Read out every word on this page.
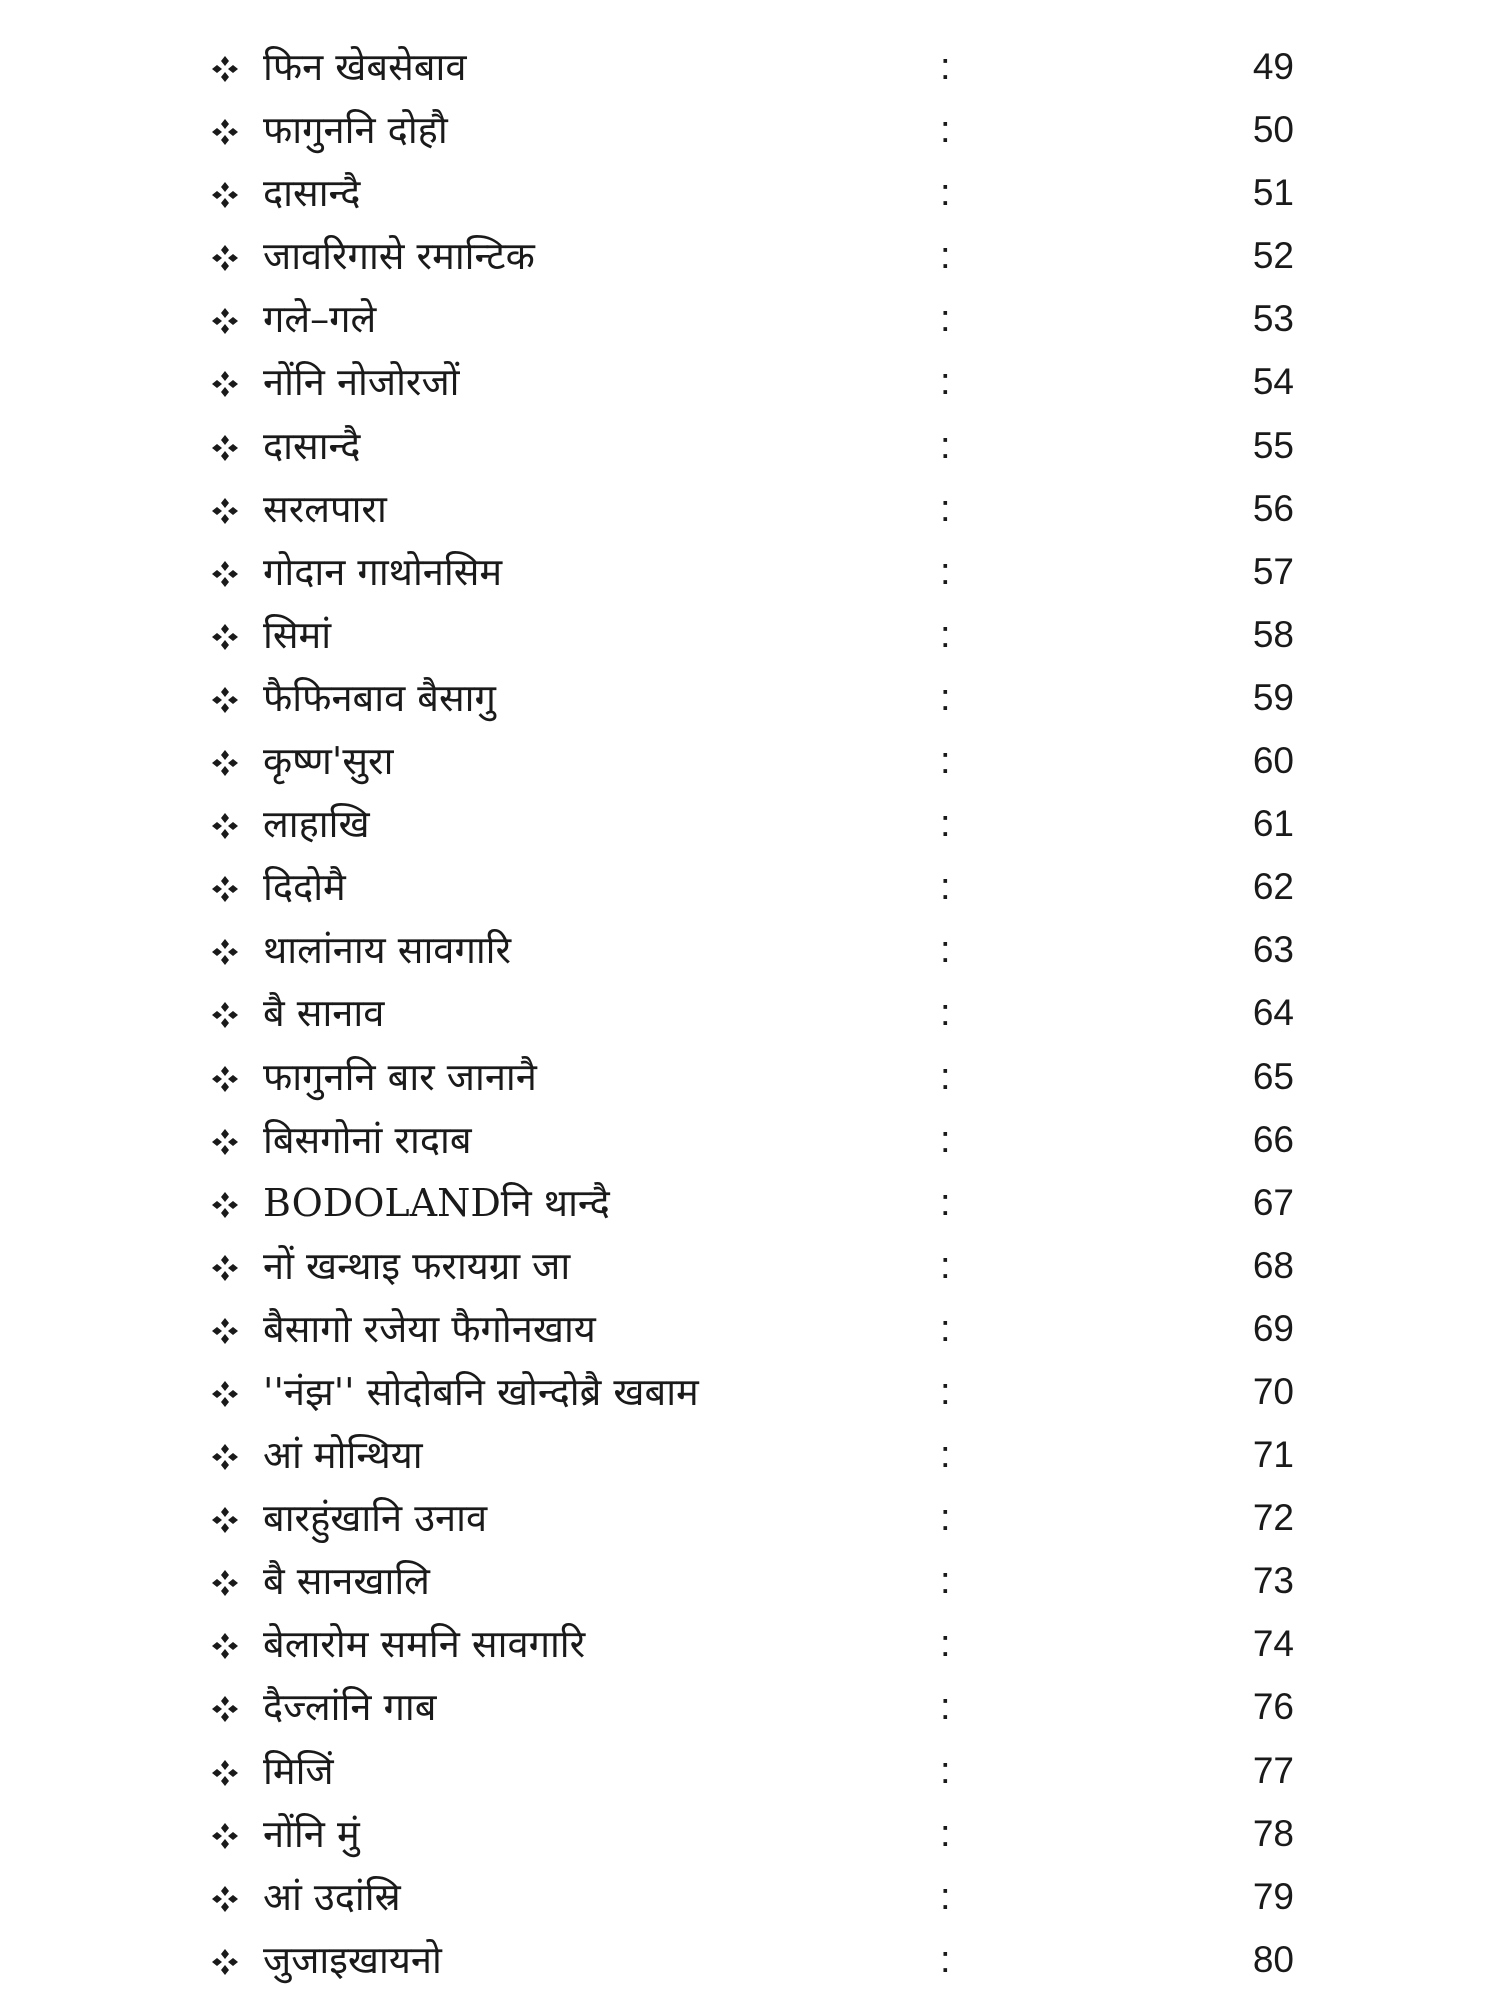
फिन खेबसेबाव	:	49
फागुननि दोहौ	:	50
दासान्दै	:	51
जावरिगासे रमान्टिक	:	52
गले–गले	:	53
नोंनि नोजोरजों	:	54
दासान्दै	:	55
सरलपारा	:	56
गोदान गाथोनसिम	:	57
सिमां	:	58
फैफिनबाव बैसागु	:	59
कृष्ण'सुरा	:	60
लाहाखि	:	61
दिदोमै	:	62
थालांनाय सावगारि	:	63
बै सानाव	:	64
फागुननि बार जानानै	:	65
बिसगोनां रादाब	:	66
BODOLANDनि थान्दै	:	67
नों खन्थाइ फरायग्रा जा	:	68
बैसागो रजेया फैगोनखाय	:	69
''नंझ'' सोदोबनि खोन्दोब्रै खबाम	:	70
आं मोन्थिया	:	71
बारहुंखानि उनाव	:	72
बै सानखालि	:	73
बेलारोम समनि सावगारि	:	74
दैज्लांनि गाब	:	76
मिजिं	:	77
नोंनि मुं	:	78
आं उदांस्रि	:	79
जुजाइखायनो	:	80
